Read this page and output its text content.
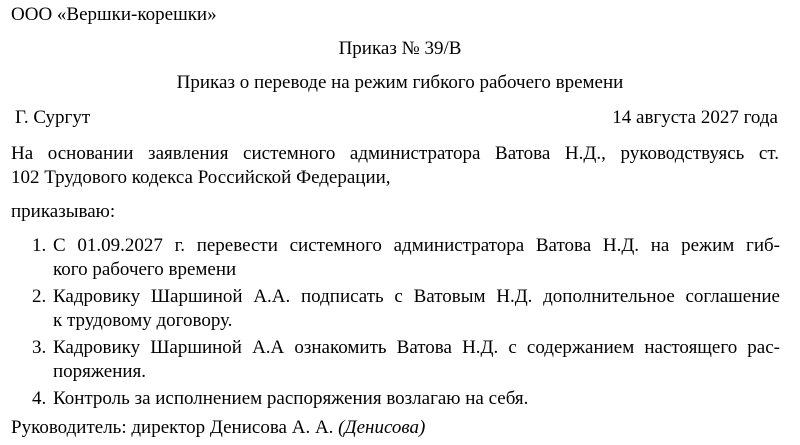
ООО «Вершки-корешки»
Приказ № 39/В
Приказ о переводе на режим гибкого рабочего времени
Г. Сургут	14 августа 2027 года
На основании заявления системного администратора Ватова Н.Д., руководствуясь ст.
102 Трудового кодекса Российской Федерации,
приказываю:
1. С 01.09.2027 г. перевести системного администратора Ватова Н.Д. на режим гиб-
кого рабочего времени
2. Кадровику Шаршиной А.А. подписать с Ватовым Н.Д. дополнительное соглашение
к трудовому договору.
3. Кадровику Шаршиной А.А ознакомить Ватова Н.Д. с содержанием настоящего рас-
поряжения.
4. Контроль за исполнением распоряжения возлагаю на себя.
Руководитель: директор Денисова А. А. (Денисова)
